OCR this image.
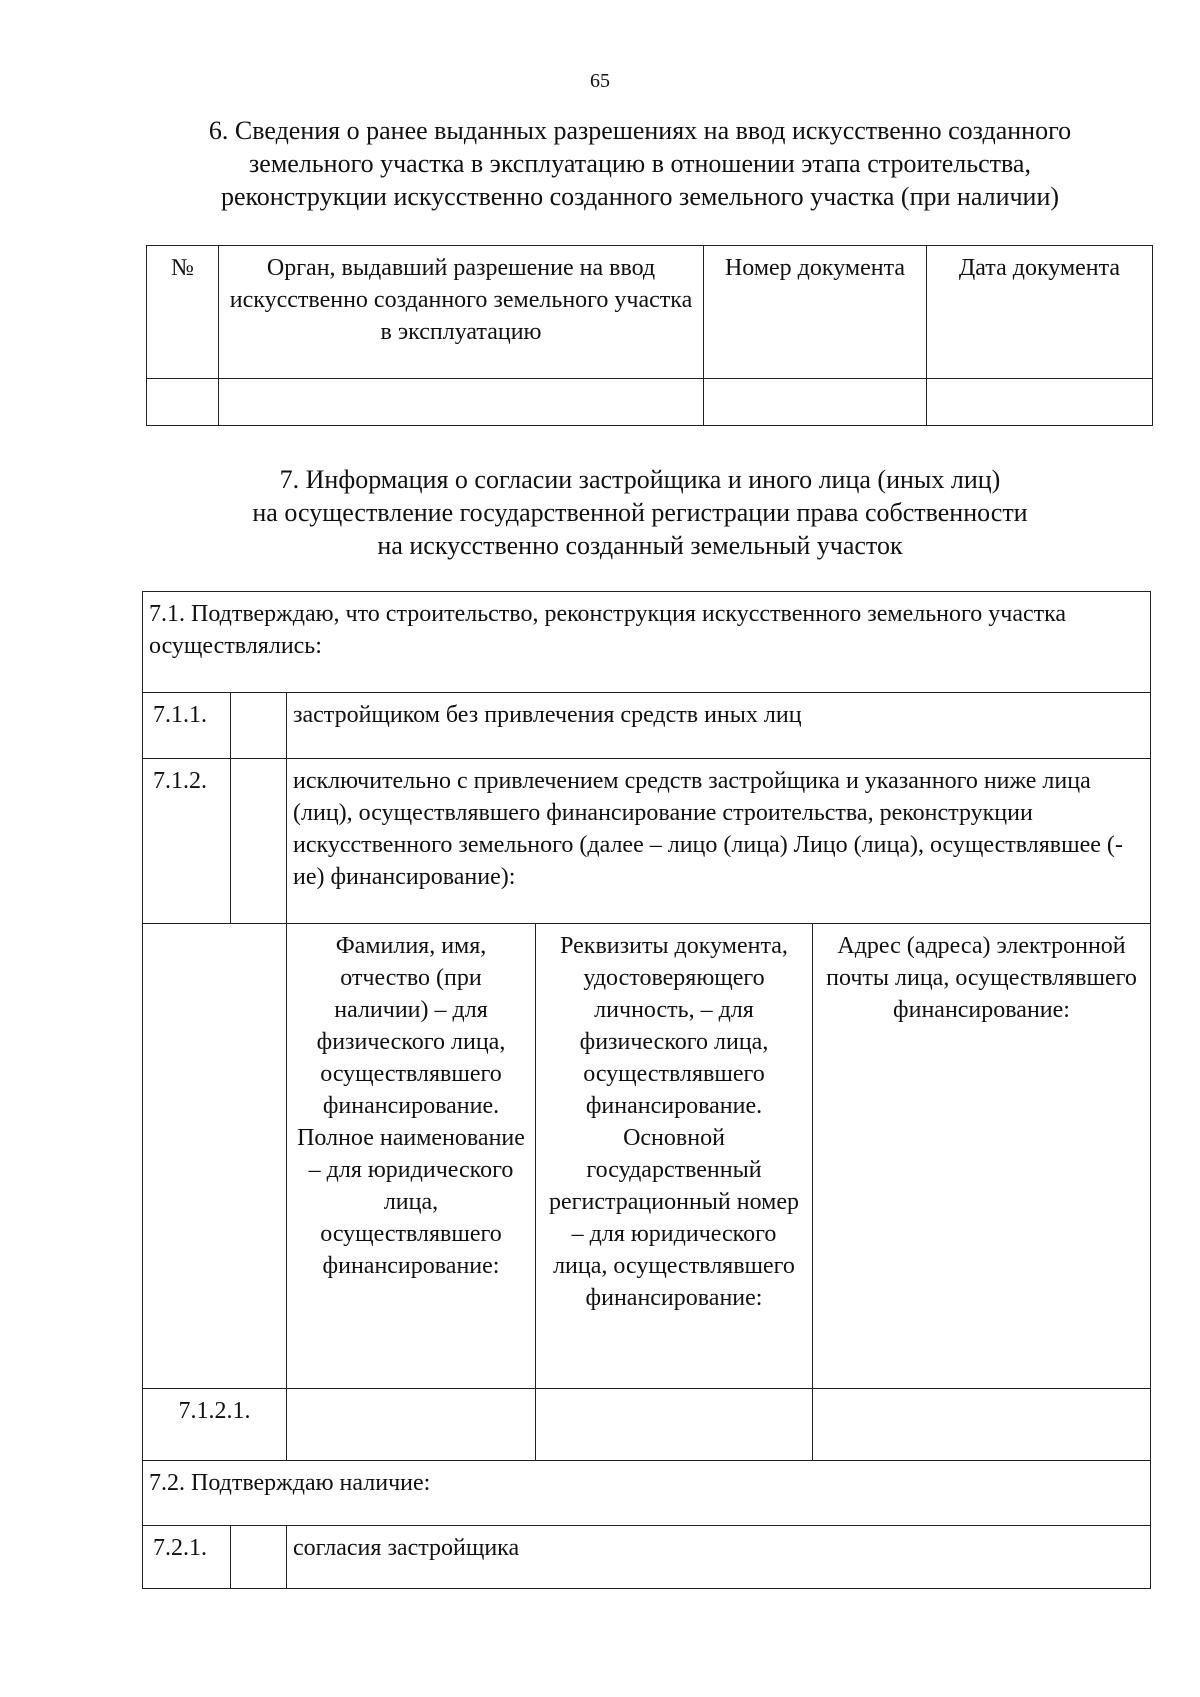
65
6. Сведения о ранее выданных разрешениях на ввод искусственно созданного
земельного участка в эксплуатацию в отношении этапа строительства,
реконструкции искусственно созданного земельного участка (при наличии)
№	Орган, выдавший разрешение на ввод искусственно созданного земельного участка в эксплуатацию	Номер документа	Дата документа

7. Информация о согласии застройщика и иного лица (иных лиц)
на осуществление государственной регистрации права собственности
на искусственно созданный земельный участок
7.1. Подтверждаю, что строительство, реконструкция искусственного земельного участка осуществлялись:				
7.1.1.		застройщиком без привлечения средств иных лиц		
7.1.2.		исключительно с привлечением средств застройщика и указанного ниже лица (лиц), осуществлявшего финансирование строительства, реконструкции искусственного земельного (далее – лицо (лица) Лицо (лица), осуществлявшее (-ие) финансирование):		
		Фамилия, имя, отчество (при наличии) – для физического лица, осуществлявшего финансирование. Полное наименование – для юридического лица, осуществлявшего финансирование:	Реквизиты документа, удостоверяющего личность, – для физического лица, осуществлявшего финансирование. Основной государственный регистрационный номер – для юридического лица, осуществлявшего финансирование:	Адрес (адреса) электронной почты лица, осуществлявшего финансирование:
7.1.2.1.				
7.2. Подтверждаю наличие:				
7.2.1.		согласия застройщика		
